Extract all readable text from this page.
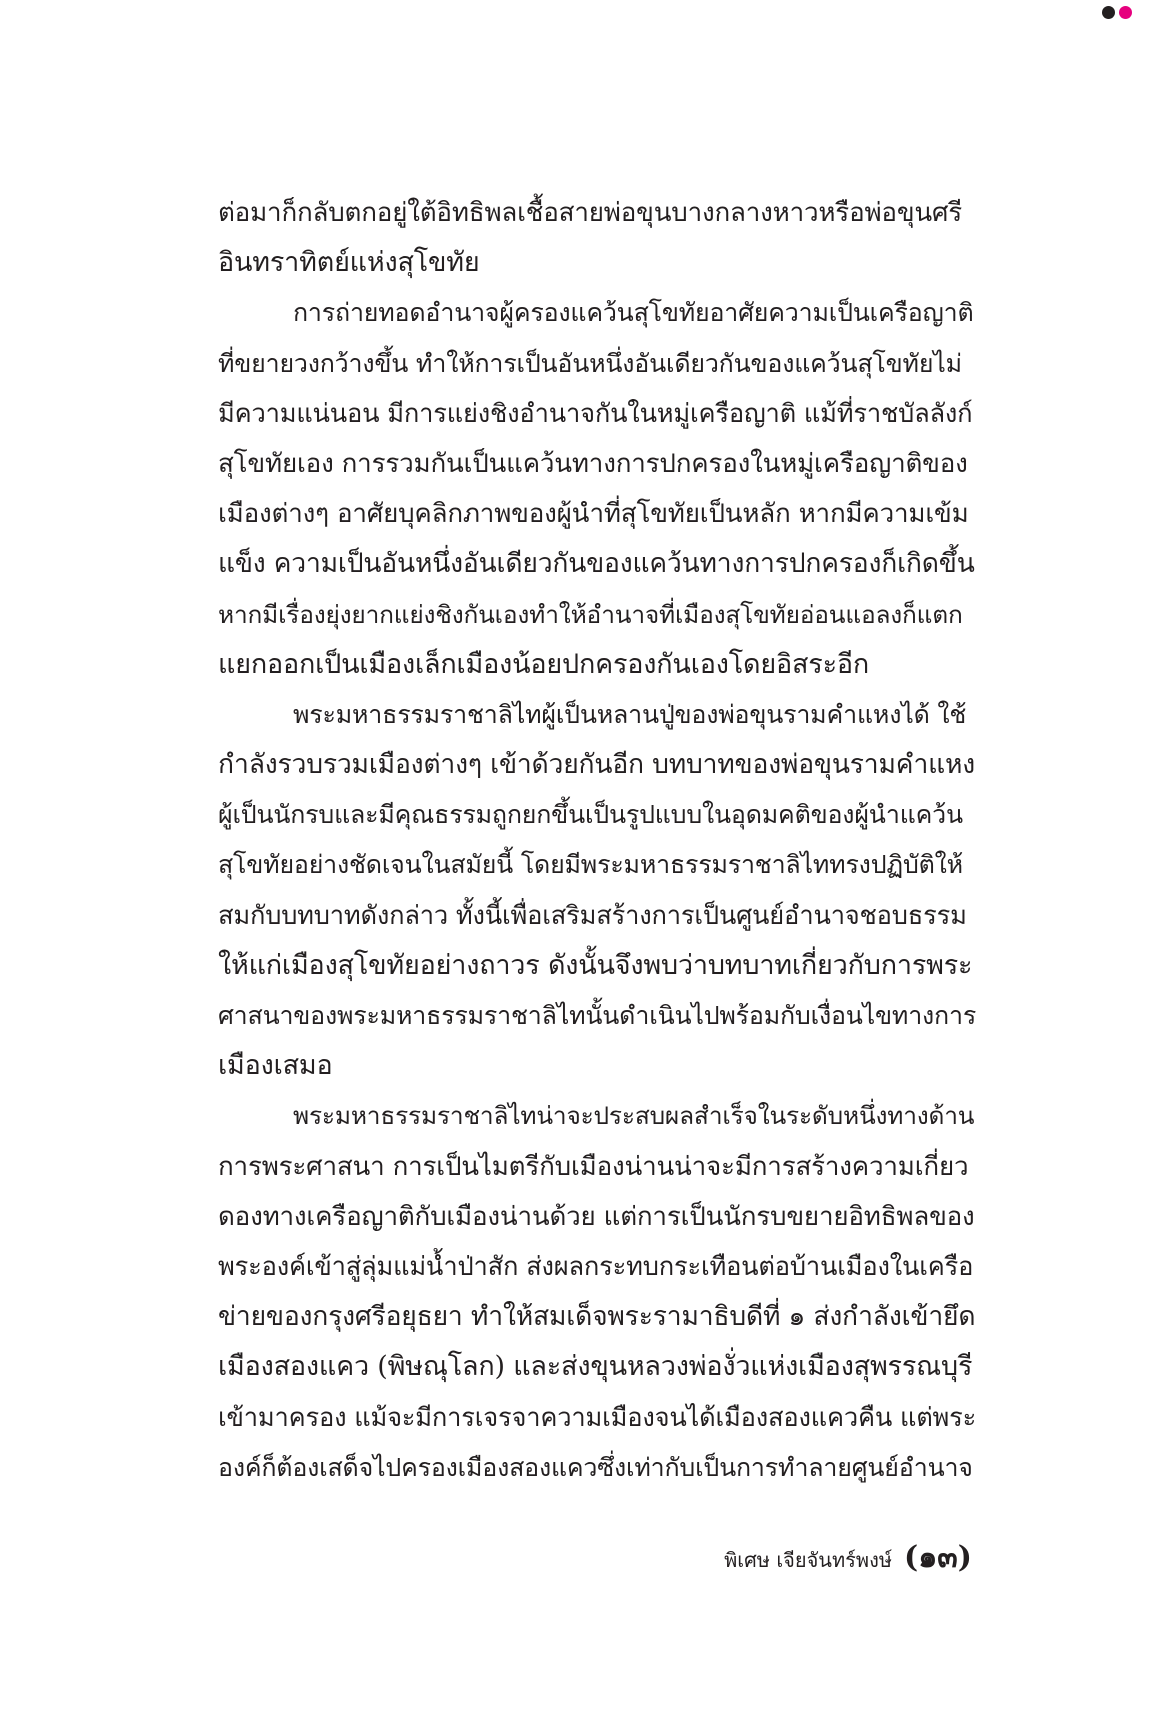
ต่อมาก็กลับตกอยู่ใต้อิทธิพลเชื้อสายพ่อขุนบางกลางหาวหรือพ่อขุนศรี
อินทราทิตย์แห่งสุโขทัย
การถ่ายทอดอำนาจผู้ครองแคว้นสุโขทัยอาศัยความเป็นเครือญาติ
ที่ขยายวงกว้างขึ้น ทำให้การเป็นอันหนึ่งอันเดียวกันของแคว้นสุโขทัยไม่
มีความแน่นอน มีการแย่งชิงอำนาจกันในหมู่เครือญาติ แม้ที่ราชบัลลังก์
สุโขทัยเอง การรวมกันเป็นแคว้นทางการปกครองในหมู่เครือญาติของ
เมืองต่างๆ อาศัยบุคลิกภาพของผู้นำที่สุโขทัยเป็นหลัก หากมีความเข้ม
แข็ง ความเป็นอันหนึ่งอันเดียวกันของแคว้นทางการปกครองก็เกิดขึ้น
หากมีเรื่องยุ่งยากแย่งชิงกันเองทำให้อำนาจที่เมืองสุโขทัยอ่อนแอลงก็แตก
แยกออกเป็นเมืองเล็กเมืองน้อยปกครองกันเองโดยอิสระอีก
พระมหาธรรมราชาลิไทผู้เป็นหลานปู่ของพ่อขุนรามคำแหงได้ ใช้
กำลังรวบรวมเมืองต่างๆ เข้าด้วยกันอีก บทบาทของพ่อขุนรามคำแหง
ผู้เป็นนักรบและมีคุณธรรมถูกยกขึ้นเป็นรูปแบบในอุดมคติของผู้นำแคว้น
สุโขทัยอย่างชัดเจนในสมัยนี้ โดยมีพระมหาธรรมราชาลิไททรงปฏิบัติให้
สมกับบทบาทดังกล่าว ทั้งนี้เพื่อเสริมสร้างการเป็นศูนย์อำนาจชอบธรรม
ให้แก่เมืองสุโขทัยอย่างถาวร ดังนั้นจึงพบว่าบทบาทเกี่ยวกับการพระ
ศาสนาของพระมหาธรรมราชาลิไทนั้นดำเนินไปพร้อมกับเงื่อนไขทางการ
เมืองเสมอ
พระมหาธรรมราชาลิไทน่าจะประสบผลสำเร็จในระดับหนึ่งทางด้าน
การพระศาสนา การเป็นไมตรีกับเมืองน่านน่าจะมีการสร้างความเกี่ยว
ดองทางเครือญาติกับเมืองน่านด้วย แต่การเป็นนักรบขยายอิทธิพลของ
พระองค์เข้าสู่ลุ่มแม่น้ำป่าสัก ส่งผลกระทบกระเทือนต่อบ้านเมืองในเครือ
ข่ายของกรุงศรีอยุธยา ทำให้สมเด็จพระรามาธิบดีที่ ๑ ส่งกำลังเข้ายึด
เมืองสองแคว (พิษณุโลก) และส่งขุนหลวงพ่องั่วแห่งเมืองสุพรรณบุรี
เข้ามาครอง แม้จะมีการเจรจาความเมืองจนได้เมืองสองแควคืน แต่พระ
องค์ก็ต้องเสด็จไปครองเมืองสองแควซึ่งเท่ากับเป็นการทำลายศูนย์อำนาจ
พิเศษ เจียจันทร์พงษ์ (๑๓)
